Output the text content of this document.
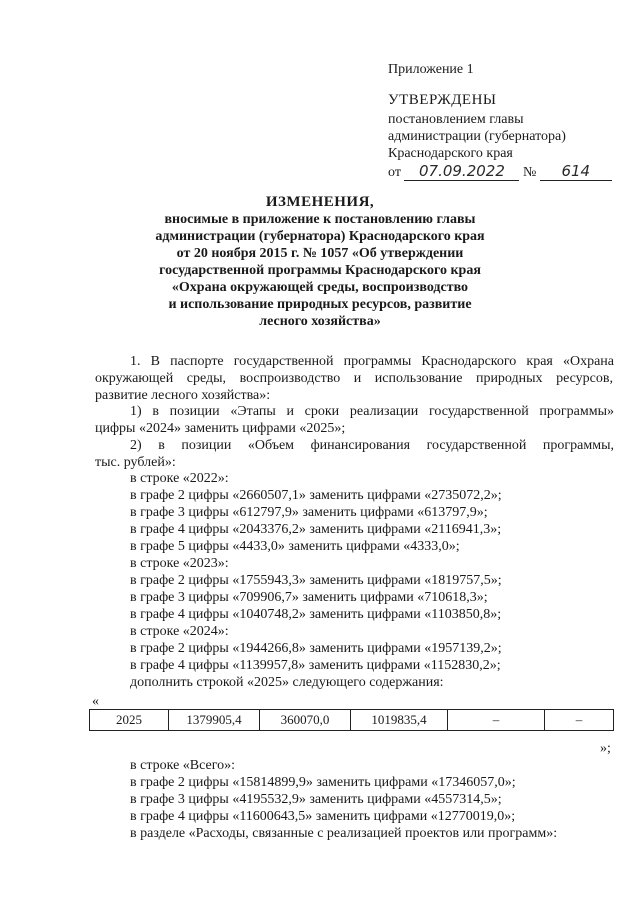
Приложение 1
УТВЕРЖДЕНЫ
постановлением главы
администрации (губернатора)
Краснодарского края
от 07.09.2022 № 614
ИЗМЕНЕНИЯ,
вносимые в приложение к постановлению главы
администрации (губернатора) Краснодарского края
от 20 ноября 2015 г. № 1057 «Об утверждении
государственной программы Краснодарского края
«Охрана окружающей среды, воспроизводство
и использование природных ресурсов, развитие
лесного хозяйства»
1. В паспорте государственной программы Краснодарского края «Охрана
окружающей среды, воспроизводство и использование природных ресурсов,
развитие лесного хозяйства»:
1) в позиции «Этапы и сроки реализации государственной программы»
цифры «2024» заменить цифрами «2025»;
2) в позиции «Объем финансирования государственной программы,
тыс. рублей»:
в строке «2022»:
в графе 2 цифры «2660507,1» заменить цифрами «2735072,2»;
в графе 3 цифры «612797,9» заменить цифрами «613797,9»;
в графе 4 цифры «2043376,2» заменить цифрами «2116941,3»;
в графе 5 цифры «4433,0» заменить цифрами «4333,0»;
в строке «2023»:
в графе 2 цифры «1755943,3» заменить цифрами «1819757,5»;
в графе 3 цифры «709906,7» заменить цифрами «710618,3»;
в графе 4 цифры «1040748,2» заменить цифрами «1103850,8»;
в строке «2024»:
в графе 2 цифры «1944266,8» заменить цифрами «1957139,2»;
в графе 4 цифры «1139957,8» заменить цифрами «1152830,2»;
дополнить строкой «2025» следующего содержания:
«
2025	1379905,4	360070,0	1019835,4	–	–
»;
в строке «Всего»:
в графе 2 цифры «15814899,9» заменить цифрами «17346057,0»;
в графе 3 цифры «4195532,9» заменить цифрами «4557314,5»;
в графе 4 цифры «11600643,5» заменить цифрами «12770019,0»;
в разделе «Расходы, связанные с реализацией проектов или программ»:
